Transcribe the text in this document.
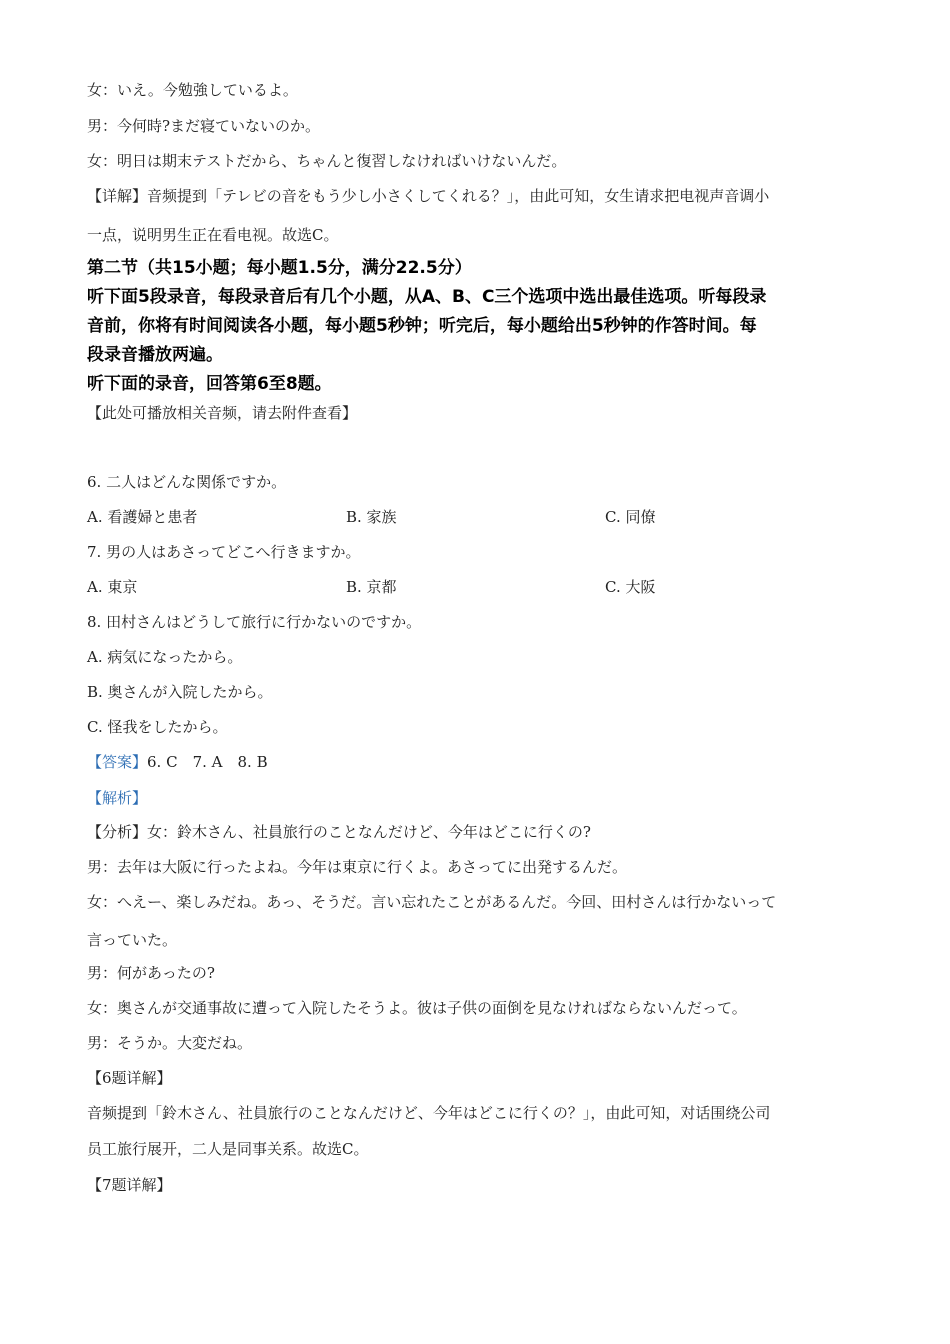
女：いえ。今勉強しているよ。
男：今何時?まだ寝ていないのか。
女：明日は期末テストだから、ちゃんと復習しなければいけないんだ。
【详解】音频提到「テレビの音をもう少し小さくしてくれる？」，由此可知，女生请求把电视声音调小
一点，说明男生正在看电视。故选C。
第二节（共15小题；每小题1.5分，满分22.5分）
听下面5段录音，每段录音后有几个小题，从A、B、C三个选项中选出最佳选项。听每段录
音前，你将有时间阅读各小题，每小题5秒钟；听完后，每小题给出5秒钟的作答时间。每
段录音播放两遍。
听下面的录音，回答第6至8题。
【此处可播放相关音频，请去附件查看】
6. 二人はどんな関係ですか。
A. 看護婦と患者	B. 家族	C. 同僚
7. 男の人はあさってどこへ行きますか。
A. 東京	B. 京都	C. 大阪
8. 田村さんはどうして旅行に行かないのですか。
A. 病気になったから。
B. 奥さんが入院したから。
C. 怪我をしたから。
【答案】6. C　7. A　8. B
【解析】
【分析】女：鈴木さん、社員旅行のことなんだけど、今年はどこに行くの?
男：去年は大阪に行ったよね。今年は東京に行くよ。あさってに出発するんだ。
女：へえー、楽しみだね。あっ、そうだ。言い忘れたことがあるんだ。今回、田村さんは行かないって
言っていた。
男：何があったの?
女：奥さんが交通事故に遭って入院したそうよ。彼は子供の面倒を見なければならないんだって。
男：そうか。大変だね。
【6题详解】
音频提到「鈴木さん、社員旅行のことなんだけど、今年はどこに行くの？」，由此可知，对话围绕公司
员工旅行展开，二人是同事关系。故选C。
【7题详解】
